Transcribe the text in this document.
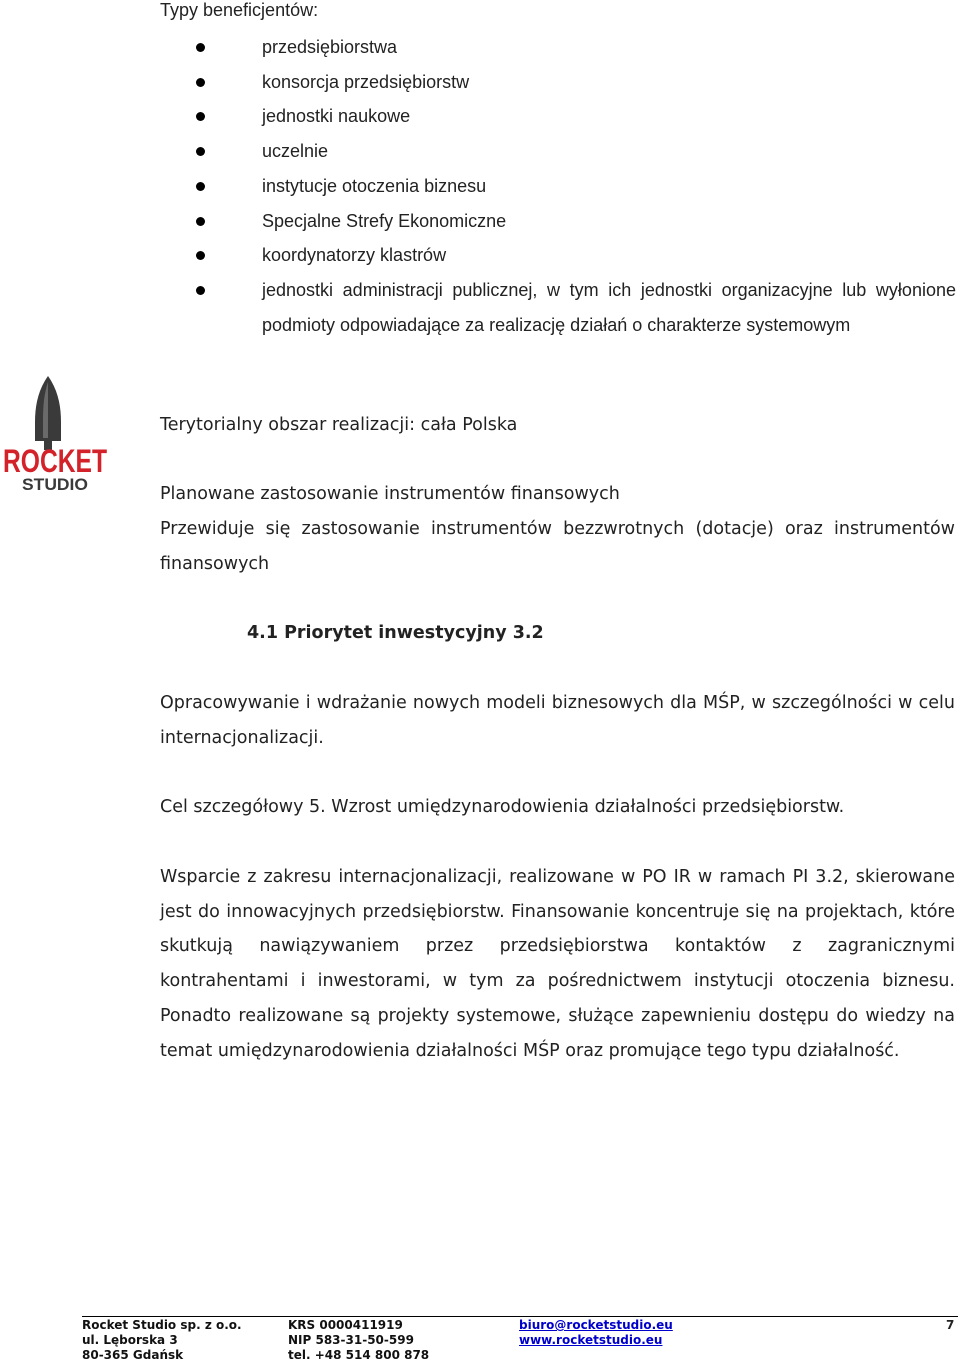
Typy beneficjentów:
przedsiębiorstwa
konsorcja przedsiębiorstw
jednostki naukowe
uczelnie
instytucje otoczenia biznesu
Specjalne Strefy Ekonomiczne
koordynatorzy klastrów
jednostki administracji publicznej, w tym ich jednostki organizacyjne lub wyłonione podmioty odpowiadające za realizację działań o charakterze systemowym
ROCKET
STUDIO
Terytorialny obszar realizacji: cała Polska
Planowane zastosowanie instrumentów finansowych
Przewiduje się zastosowanie instrumentów bezzwrotnych (dotacje) oraz instrumentów finansowych
4.1 Priorytet inwestycyjny 3.2
Opracowywanie i wdrażanie nowych modeli biznesowych dla MŚP, w szczególności w celu internacjonalizacji.
Cel szczegółowy 5. Wzrost umiędzynarodowienia działalności przedsiębiorstw.
Wsparcie z zakresu internacjonalizacji, realizowane w PO IR w ramach PI 3.2, skierowane jest do innowacyjnych przedsiębiorstw. Finansowanie koncentruje się na projektach, które skutkują nawiązywaniem przez przedsiębiorstwa kontaktów z zagranicznymi kontrahentami i inwestorami, w tym za pośrednictwem instytucji otoczenia biznesu. Ponadto realizowane są projekty systemowe, służące zapewnieniu dostępu do wiedzy na temat umiędzynarodowienia działalności MŚP oraz promujące tego typu działalność.
Rocket Studio sp. z o.o.
ul. Lęborska 3
80-365 Gdańsk
KRS 0000411919
NIP 583-31-50-599
tel. +48 514 800 878
biuro@rocketstudio.eu
www.rocketstudio.eu
7
